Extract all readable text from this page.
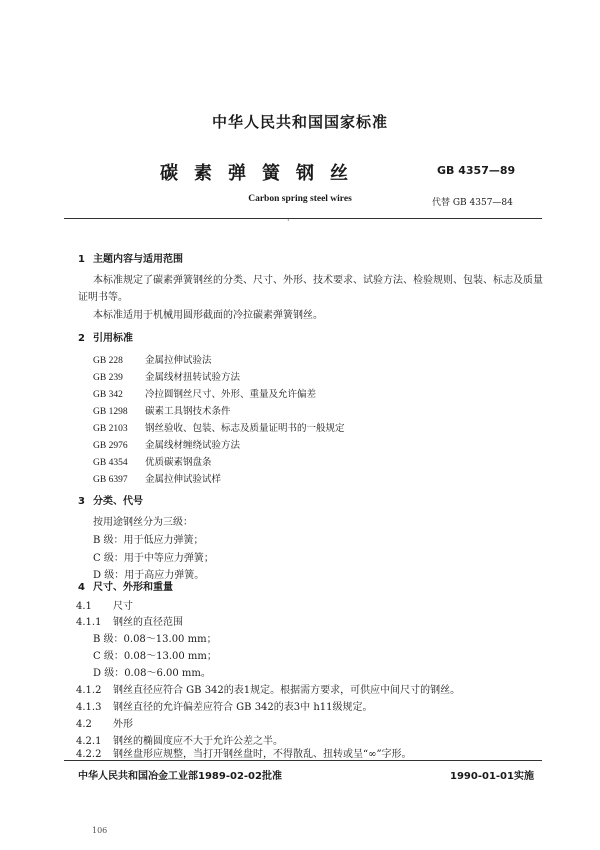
中华人民共和国国家标准
碳素弹簧钢丝	GB 4357—89
Carbon spring steel wires	代替 GB 4357—84
·
1 主题内容与适用范围
本标准规定了碳素弹簧钢丝的分类、尺寸、外形、技术要求、试验方法、检验规则、包装、标志及质量
证明书等。
本标准适用于机械用圆形截面的冷拉碳素弹簧钢丝。
2 引用标准
GB 228 金属拉伸试验法
GB 239 金属线材扭转试验方法
GB 342 冷拉圆钢丝尺寸、外形、重量及允许偏差
GB 1298 碳素工具钢技术条件
GB 2103 钢丝验收、包装、标志及质量证明书的一般规定
GB 2976 金属线材缠绕试验方法
GB 4354 优质碳素钢盘条
GB 6397 金属拉伸试验试样
3 分类、代号
按用途钢丝分为三级：
B 级：用于低应力弹簧；
C 级：用于中等应力弹簧；
D 级：用于高应力弹簧。
4 尺寸、外形和重量
4.1 尺寸
4.1.1 钢丝的直径范围
B 级：0.08～13.00 mm；
C 级：0.08～13.00 mm；
D 级：0.08～6.00 mm。
4.1.2 钢丝直径应符合 GB 342的表1规定。根据需方要求，可供应中间尺寸的钢丝。
4.1.3 钢丝直径的允许偏差应符合 GB 342的表3中 h11级规定。
4.2 外形
4.2.1 钢丝的椭圆度应不大于允许公差之半。
中华人民共和国冶金工业部1989-02-02批准	1990-01-01实施
106
4.2.2 钢丝盘形应规整，当打开钢丝盘时，不得散乱、扭转或呈“∞”字形。
